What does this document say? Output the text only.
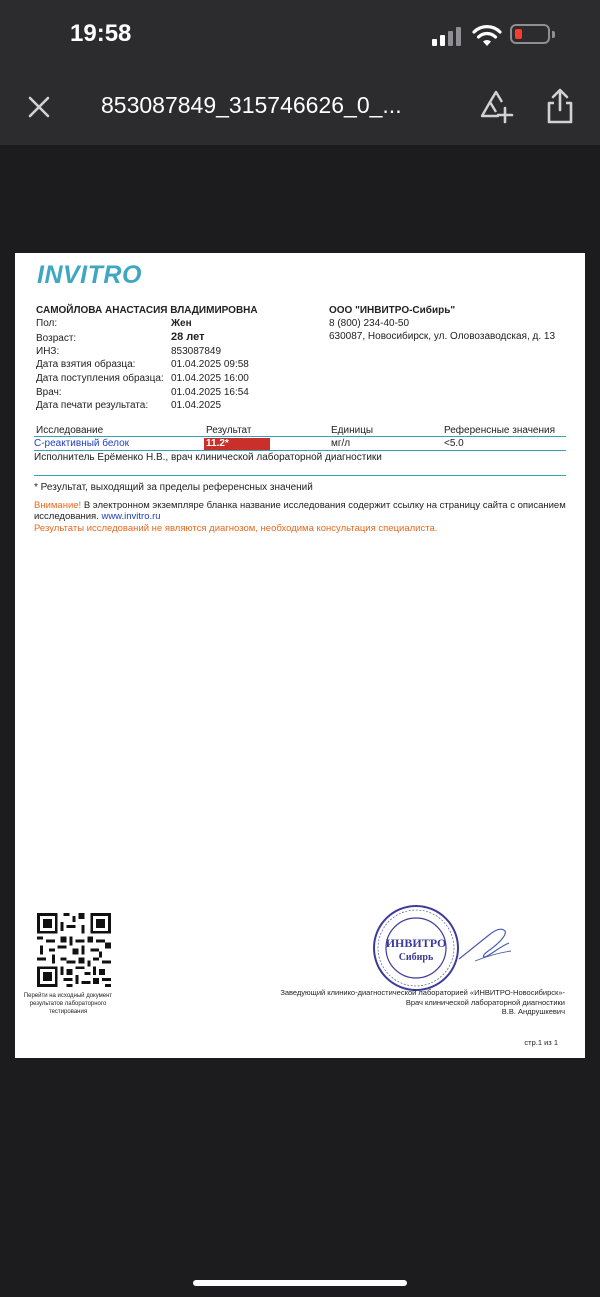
19:58
853087849_315746626_0_...
INVITRO
САМОЙЛОВА АНАСТАСИЯ ВЛАДИМИРОВНА
Пол:	Жен
Возраст:	28 лет
ИНЗ:	853087849
Дата взятия образца:	01.04.2025 09:58
Дата поступления образца: 01.04.2025 16:00
Врач:	01.04.2025 16:54
Дата печати результата: 01.04.2025
ООО "ИНВИТРО-Сибирь"
8 (800) 234-40-50
630087, Новосибирск, ул. Оловозаводская, д. 13
Исследование	Результат	Единицы	Референсные значения
С-реактивный белок	11.2*	мг/л	<5.0
Исполнитель Ерёменко Н.В., врач клинической лабораторной диагностики
* Результат, выходящий за пределы референсных значений
Внимание! В электронном экземпляре бланка название исследования содержит ссылку на страницу сайта с описанием
исследования. www.invitro.ru
Результаты исследований не являются диагнозом, необходима консультация специалиста.
Перейти на исходный документ результатов лабораторного тестирования
ИНВИТРО
Сибирь
Заведующий клинико-диагностической лабораторией «ИНВИТРО-Новосибирск»-
Врач клинической лабораторной диагностики
В.В. Андрушкевич
стр.1 из 1
